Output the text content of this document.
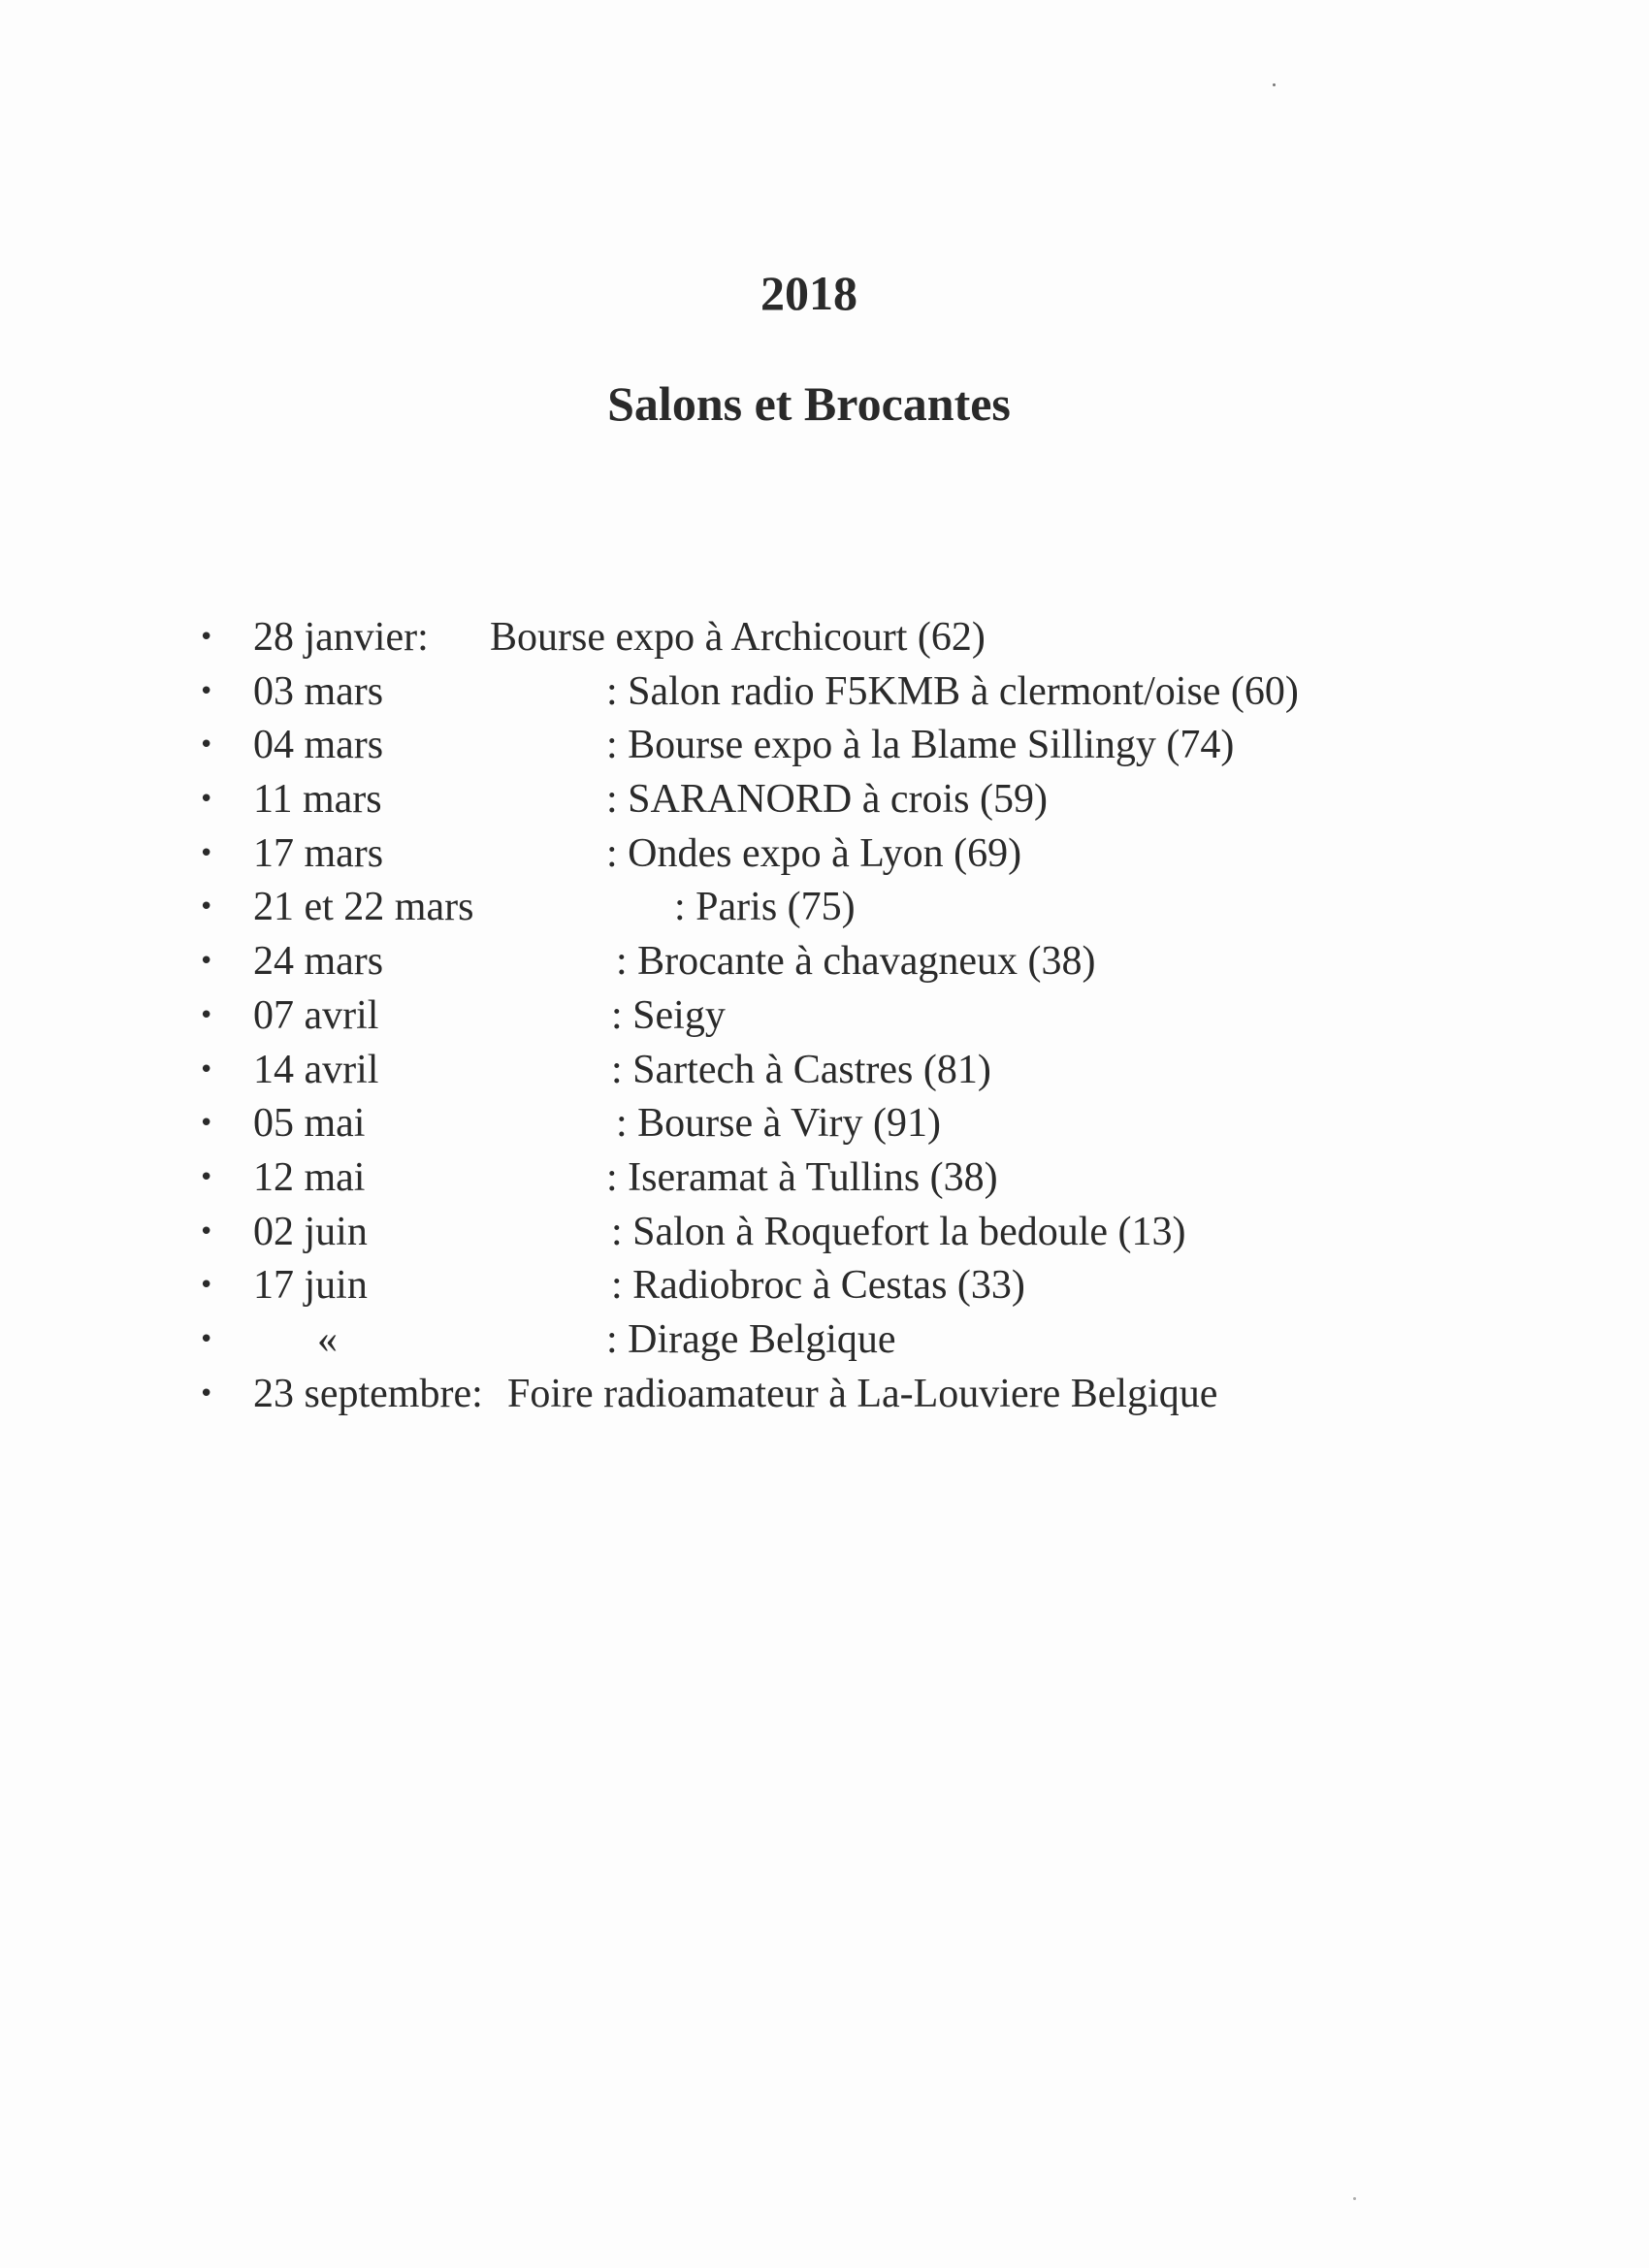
2018
Salons et Brocantes
• 28 janvier: Bourse expo à Archicourt (62)
• 03 mars	: Salon radio F5KMB à clermont/oise (60)
• 04 mars	: Bourse expo à la Blame Sillingy (74)
• 11 mars	: SARANORD à crois (59)
• 17 mars	: Ondes expo à Lyon (69)
• 21 et 22 mars	: Paris (75)
• 24 mars	: Brocante à chavagneux (38)
• 07 avril	: Seigy
• 14 avril	: Sartech à Castres (81)
• 05 mai	: Bourse à Viry (91)
• 12 mai	: Iseramat à Tullins (38)
• 02 juin	: Salon à Roquefort la bedoule (13)
• 17 juin	: Radiobroc à Cestas (33)
•	«	: Dirage Belgique
• 23 septembre: Foire radioamateur à La-Louviere Belgique
